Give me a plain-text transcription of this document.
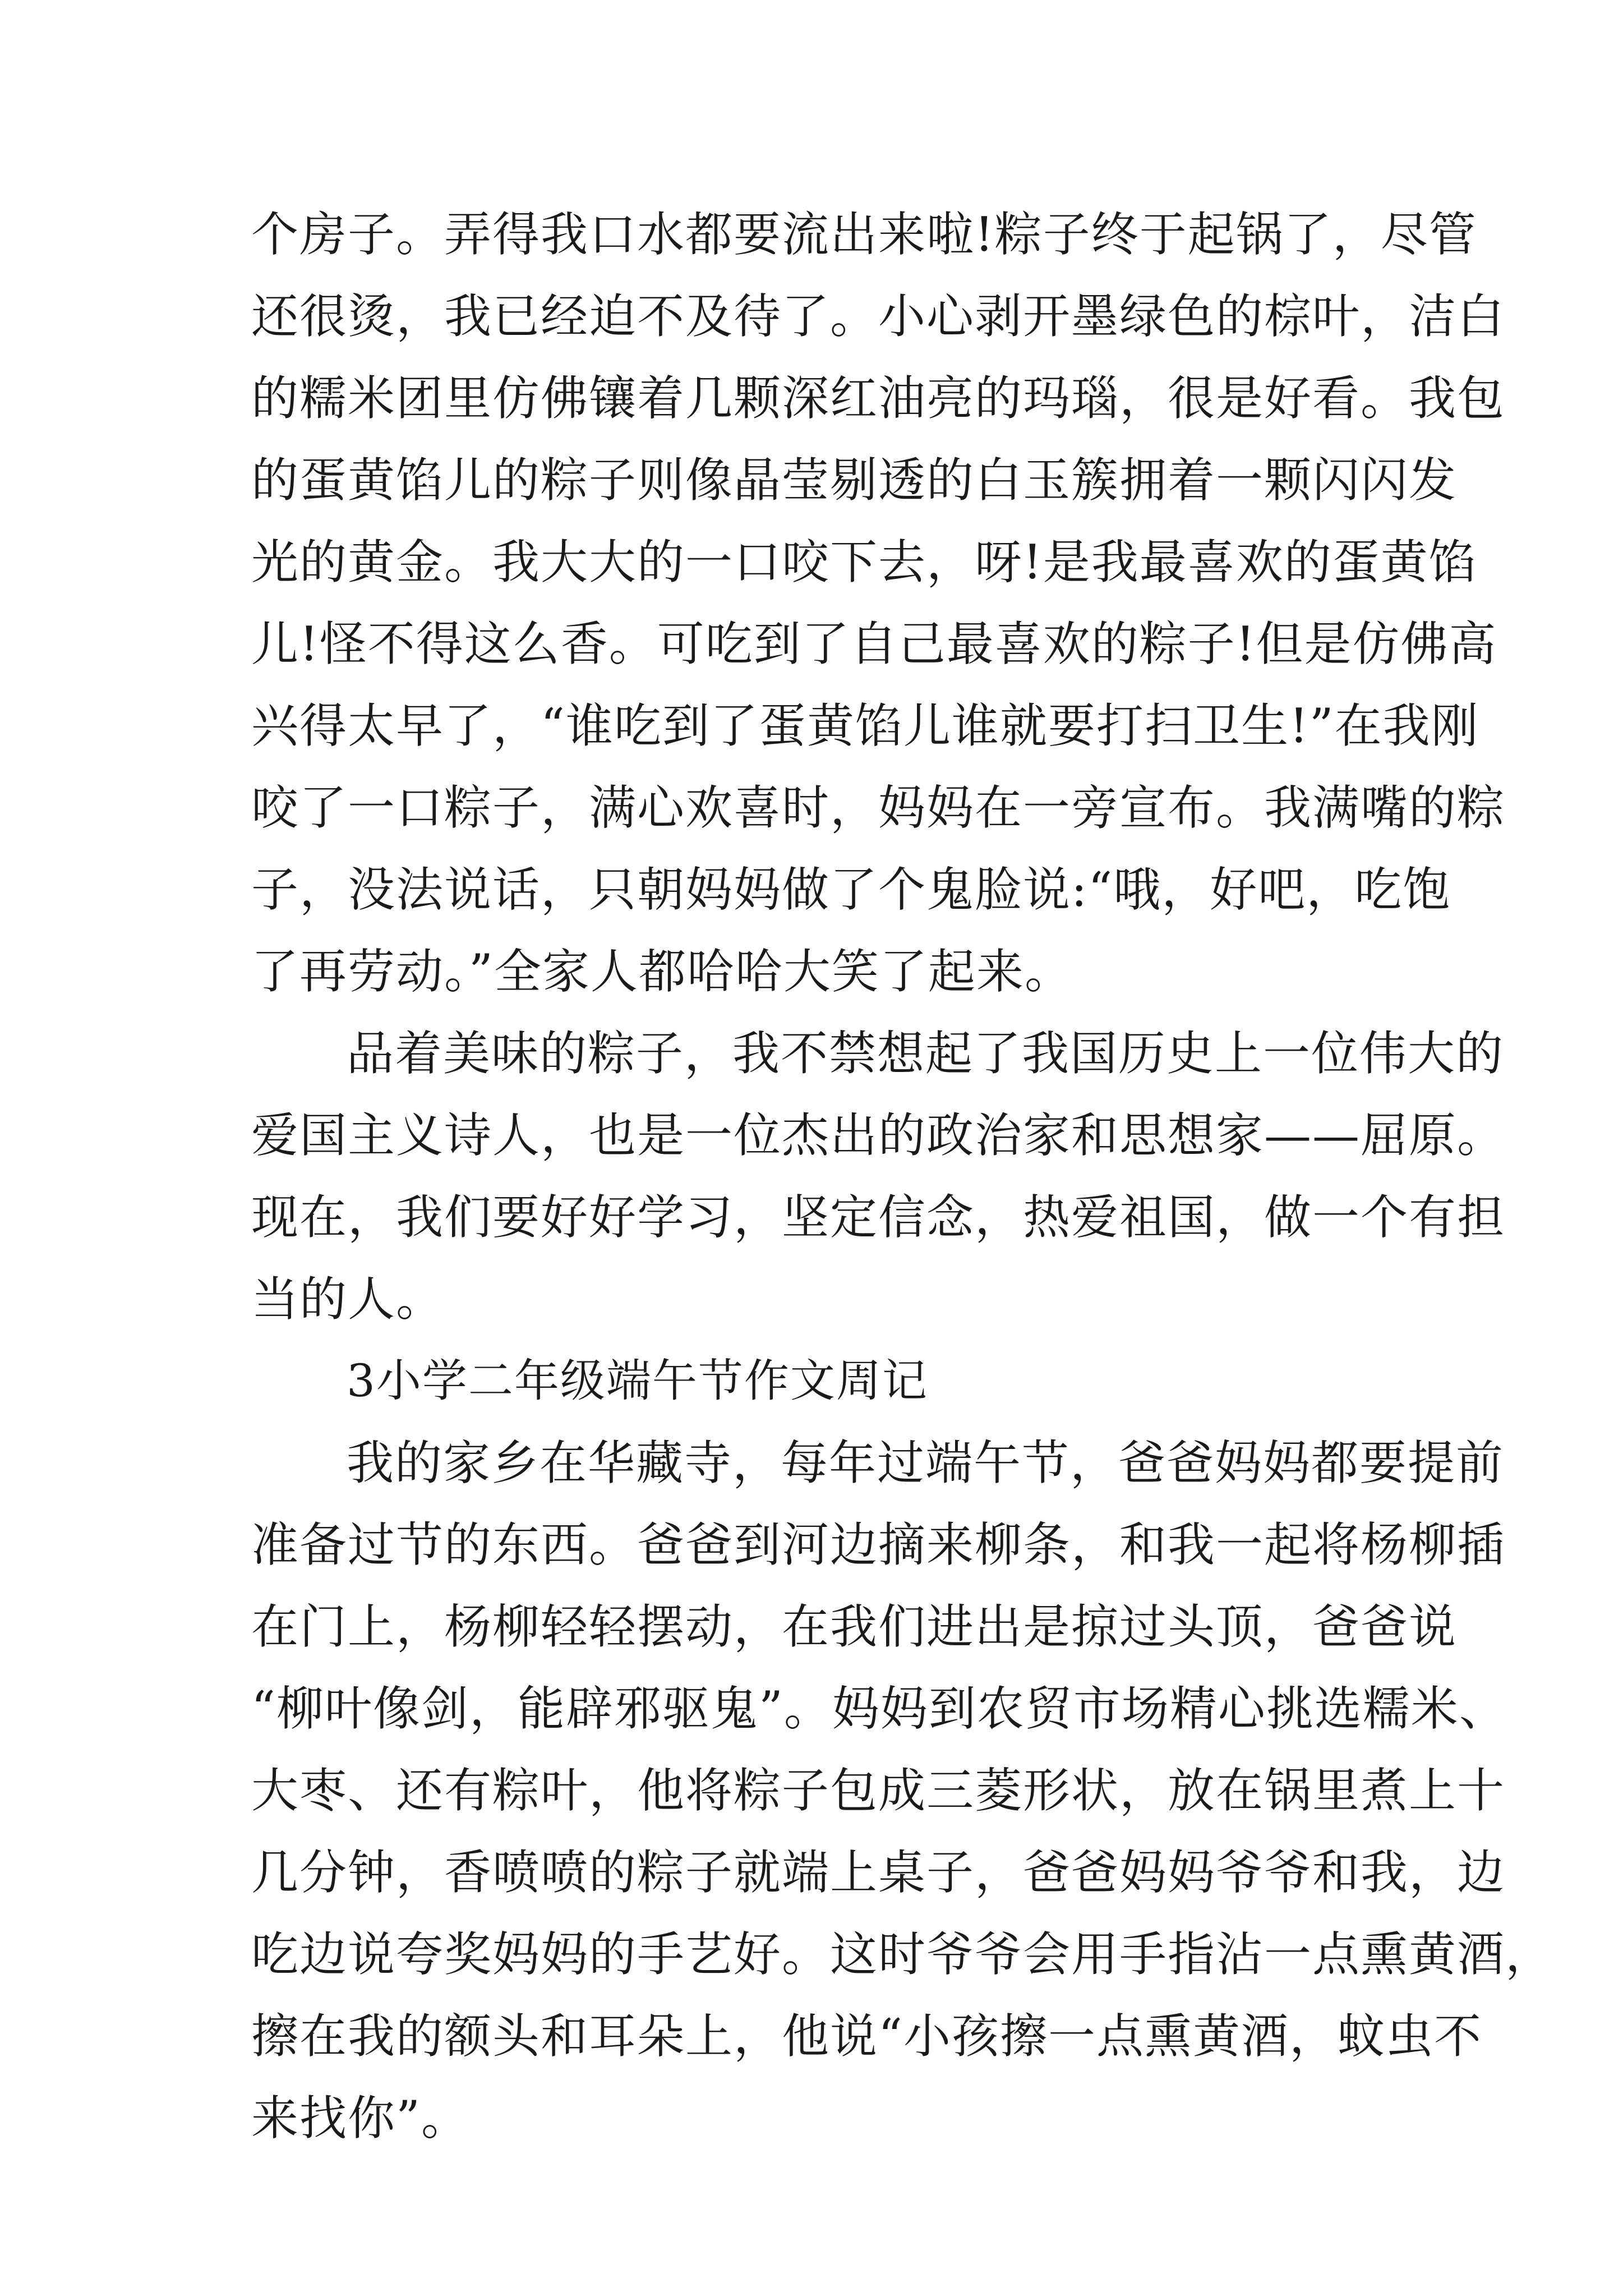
个房子。弄得我口水都要流出来啦!粽子终于起锅了，尽管
还很烫，我已经迫不及待了。小心剥开墨绿色的棕叶，洁白
的糯米团里仿佛镶着几颗深红油亮的玛瑙，很是好看。我包
的蛋黄馅儿的粽子则像晶莹剔透的白玉簇拥着一颗闪闪发
光的黄金。我大大的一口咬下去，呀!是我最喜欢的蛋黄馅
儿!怪不得这么香。可吃到了自己最喜欢的粽子!但是仿佛高
兴得太早了，“谁吃到了蛋黄馅儿谁就要打扫卫生!”在我刚
咬了一口粽子，满心欢喜时，妈妈在一旁宣布。我满嘴的粽
子，没法说话，只朝妈妈做了个鬼脸说:“哦，好吧，吃饱
了再劳动。”全家人都哈哈大笑了起来。
品着美味的粽子，我不禁想起了我国历史上一位伟大的
爱国主义诗人，也是一位杰出的政治家和思想家——屈原。
现在，我们要好好学习，坚定信念，热爱祖国，做一个有担
当的人。
3小学二年级端午节作文周记
我的家乡在华藏寺，每年过端午节，爸爸妈妈都要提前
准备过节的东西。爸爸到河边摘来柳条，和我一起将杨柳插
在门上，杨柳轻轻摆动，在我们进出是掠过头顶，爸爸说
“柳叶像剑，能辟邪驱鬼”。妈妈到农贸市场精心挑选糯米、
大枣、还有粽叶，他将粽子包成三菱形状，放在锅里煮上十
几分钟，香喷喷的粽子就端上桌子，爸爸妈妈爷爷和我，边
吃边说夸奖妈妈的手艺好。这时爷爷会用手指沾一点熏黄酒，
擦在我的额头和耳朵上，他说“小孩擦一点熏黄酒，蚊虫不
来找你”。
